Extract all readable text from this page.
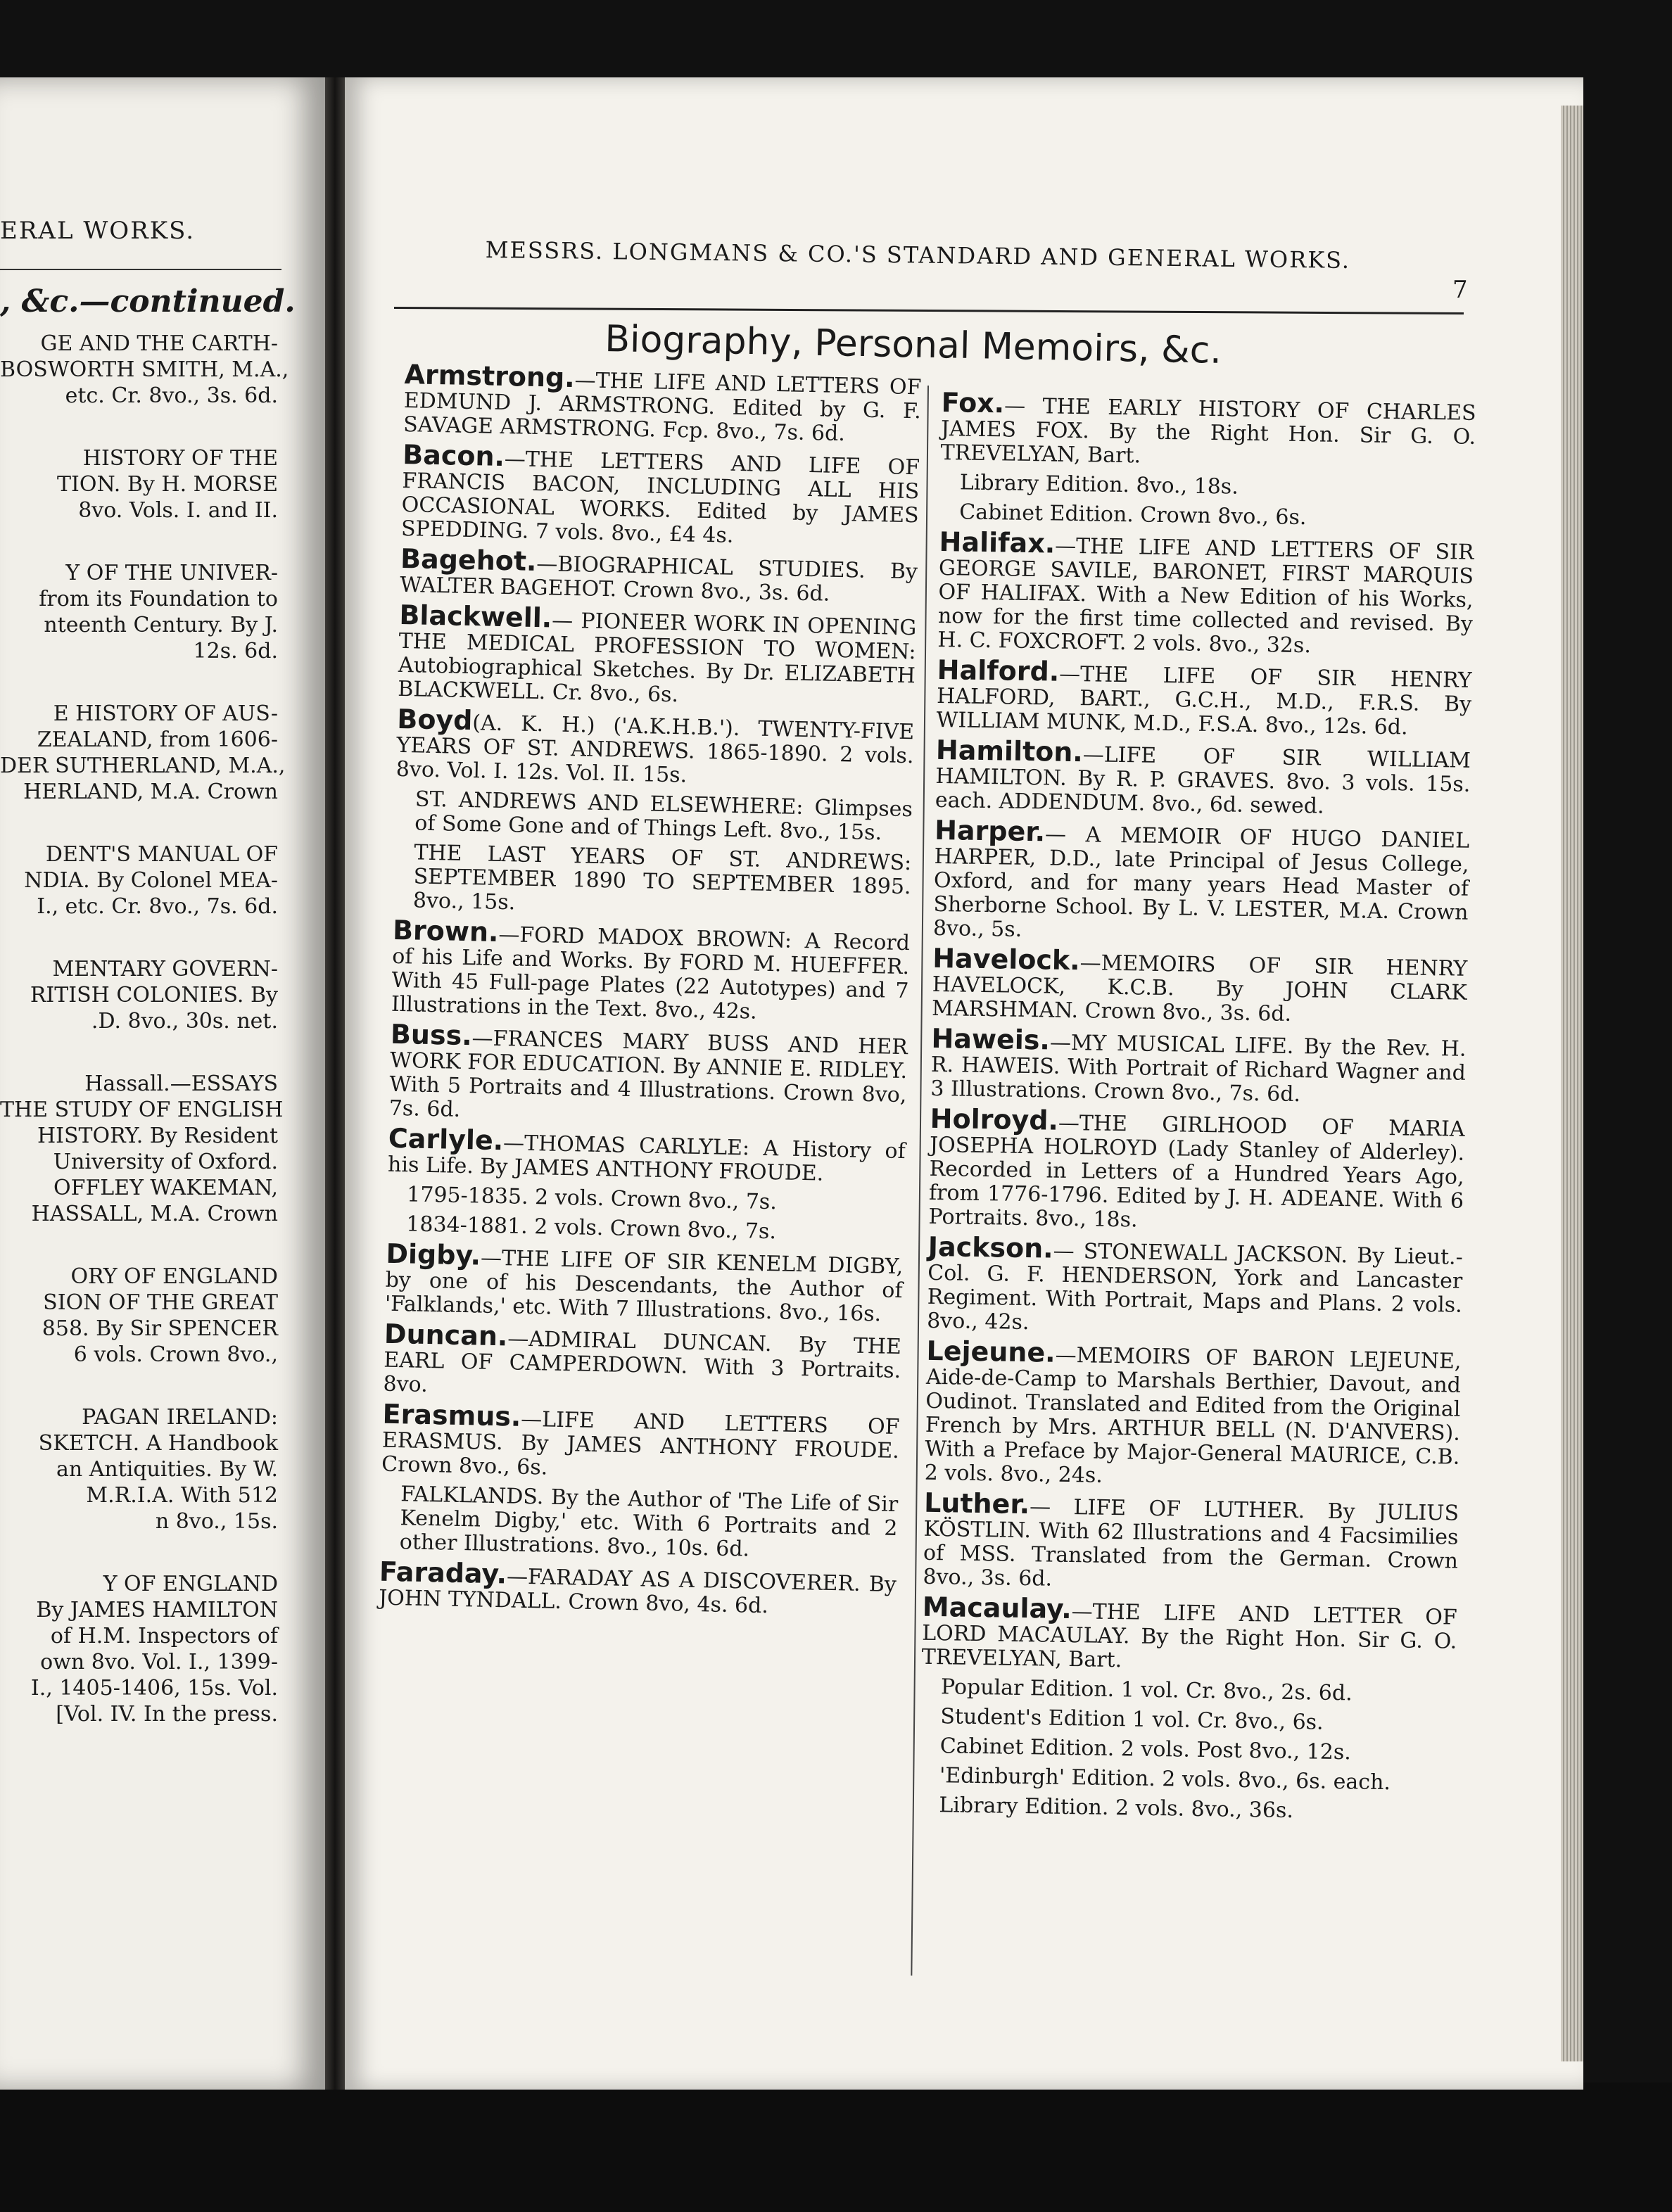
ERAL WORKS.
, &c.—continued.
GE AND THE CARTH-
BOSWORTH SMITH, M.A.,
etc. Cr. 8vo., 3s. 6d.
HISTORY OF THE
TION. By H. MORSE
8vo. Vols. I. and II.
Y OF THE UNIVER-
from its Foundation to
nteenth Century. By J.
12s. 6d.
E HISTORY OF AUS-
ZEALAND, from 1606-
DER SUTHERLAND, M.A.,
HERLAND, M.A. Crown
DENT'S MANUAL OF
NDIA. By Colonel MEA-
I., etc. Cr. 8vo., 7s. 6d.
MENTARY GOVERN-
RITISH COLONIES. By
.D. 8vo., 30s. net.
Hassall.—ESSAYS
THE STUDY OF ENGLISH
HISTORY. By Resident
University of Oxford.
OFFLEY WAKEMAN,
HASSALL, M.A. Crown
ORY OF ENGLAND
SION OF THE GREAT
858. By Sir SPENCER
6 vols. Crown 8vo.,
PAGAN IRELAND:
SKETCH. A Handbook
an Antiquities. By W.
M.R.I.A. With 512
n 8vo., 15s.
Y OF ENGLAND
By JAMES HAMILTON
of H.M. Inspectors of
own 8vo. Vol. I., 1399-
I., 1405-1406, 15s. Vol.
[Vol. IV. In the press.
MESSRS. LONGMANS & CO.'S STANDARD AND GENERAL WORKS.
7
Biography, Personal Memoirs, &c.

Armstrong.—THE LIFE AND LETTERS OF EDMUND J. ARMSTRONG. Edited by G. F. SAVAGE ARMSTRONG. Fcp. 8vo., 7s. 6d.

Bacon.—THE LETTERS AND LIFE OF FRANCIS BACON, INCLUDING ALL HIS OCCASIONAL WORKS. Edited by JAMES SPEDDING. 7 vols. 8vo., £4 4s.

Bagehot.—BIOGRAPHICAL STUDIES. By WALTER BAGEHOT. Crown 8vo., 3s. 6d.

Blackwell.— PIONEER WORK IN OPENING THE MEDICAL PROFESSION TO WOMEN: Autobiographical Sketches. By Dr. ELIZABETH BLACKWELL. Cr. 8vo., 6s.

Boyd(A. K. H.) ('A.K.H.B.'). TWENTY-FIVE YEARS OF ST. ANDREWS. 1865-1890. 2 vols. 8vo. Vol. I. 12s. Vol. II. 15s.

ST. ANDREWS AND ELSEWHERE: Glimpses of Some Gone and of Things Left. 8vo., 15s.

THE LAST YEARS OF ST. ANDREWS: SEPTEMBER 1890 TO SEPTEMBER 1895. 8vo., 15s.

Brown.—FORD MADOX BROWN: A Record of his Life and Works. By FORD M. HUEFFER. With 45 Full-page Plates (22 Autotypes) and 7 Illustrations in the Text. 8vo., 42s.

Buss.—FRANCES MARY BUSS AND HER WORK FOR EDUCATION. By ANNIE E. RIDLEY. With 5 Portraits and 4 Illustrations. Crown 8vo, 7s. 6d.

Carlyle.—THOMAS CARLYLE: A History of his Life. By JAMES ANTHONY FROUDE.

1795-1835. 2 vols. Crown 8vo., 7s.

1834-1881. 2 vols. Crown 8vo., 7s.

Digby.—THE LIFE OF SIR KENELM DIGBY, by one of his Descendants, the Author of 'Falklands,' etc. With 7 Illustrations. 8vo., 16s.

Duncan.—ADMIRAL DUNCAN. By THE EARL OF CAMPERDOWN. With 3 Portraits. 8vo.

Erasmus.—LIFE AND LETTERS OF ERASMUS. By JAMES ANTHONY FROUDE. Crown 8vo., 6s.

FALKLANDS. By the Author of 'The Life of Sir Kenelm Digby,' etc. With 6 Portraits and 2 other Illustrations. 8vo., 10s. 6d.

Faraday.—FARADAY AS A DISCOVERER. By JOHN TYNDALL. Crown 8vo, 4s. 6d.

Fox.— THE EARLY HISTORY OF CHARLES JAMES FOX. By the Right Hon. Sir G. O. TREVELYAN, Bart.

Library Edition. 8vo., 18s.

Cabinet Edition. Crown 8vo., 6s.

Halifax.—THE LIFE AND LETTERS OF SIR GEORGE SAVILE, BARONET, FIRST MARQUIS OF HALIFAX. With a New Edition of his Works, now for the first time collected and revised. By H. C. FOXCROFT. 2 vols. 8vo., 32s.

Halford.—THE LIFE OF SIR HENRY HALFORD, BART., G.C.H., M.D., F.R.S. By WILLIAM MUNK, M.D., F.S.A. 8vo., 12s. 6d.

Hamilton.—LIFE OF SIR WILLIAM HAMILTON. By R. P. GRAVES. 8vo. 3 vols. 15s. each. ADDENDUM. 8vo., 6d. sewed.

Harper.— A MEMOIR OF HUGO DANIEL HARPER, D.D., late Principal of Jesus College, Oxford, and for many years Head Master of Sherborne School. By L. V. LESTER, M.A. Crown 8vo., 5s.

Havelock.—MEMOIRS OF SIR HENRY HAVELOCK, K.C.B. By JOHN CLARK MARSHMAN. Crown 8vo., 3s. 6d.

Haweis.—MY MUSICAL LIFE. By the Rev. H. R. HAWEIS. With Portrait of Richard Wagner and 3 Illustrations. Crown 8vo., 7s. 6d.

Holroyd.—THE GIRLHOOD OF MARIA JOSEPHA HOLROYD (Lady Stanley of Alderley). Recorded in Letters of a Hundred Years Ago, from 1776-1796. Edited by J. H. ADEANE. With 6 Portraits. 8vo., 18s.

Jackson.— STONEWALL JACKSON. By Lieut.-Col. G. F. HENDERSON, York and Lancaster Regiment. With Portrait, Maps and Plans. 2 vols. 8vo., 42s.

Lejeune.—MEMOIRS OF BARON LEJEUNE, Aide-de-Camp to Marshals Berthier, Davout, and Oudinot. Translated and Edited from the Original French by Mrs. ARTHUR BELL (N. D'ANVERS). With a Preface by Major-General MAURICE, C.B. 2 vols. 8vo., 24s.

Luther.— LIFE OF LUTHER. By JULIUS KÖSTLIN. With 62 Illustrations and 4 Facsimilies of MSS. Translated from the German. Crown 8vo., 3s. 6d.

Macaulay.—THE LIFE AND LETTER OF LORD MACAULAY. By the Right Hon. Sir G. O. TREVELYAN, Bart.

Popular Edition. 1 vol. Cr. 8vo., 2s. 6d.

Student's Edition 1 vol. Cr. 8vo., 6s.

Cabinet Edition. 2 vols. Post 8vo., 12s.

'Edinburgh' Edition. 2 vols. 8vo., 6s. each.

Library Edition. 2 vols. 8vo., 36s.
